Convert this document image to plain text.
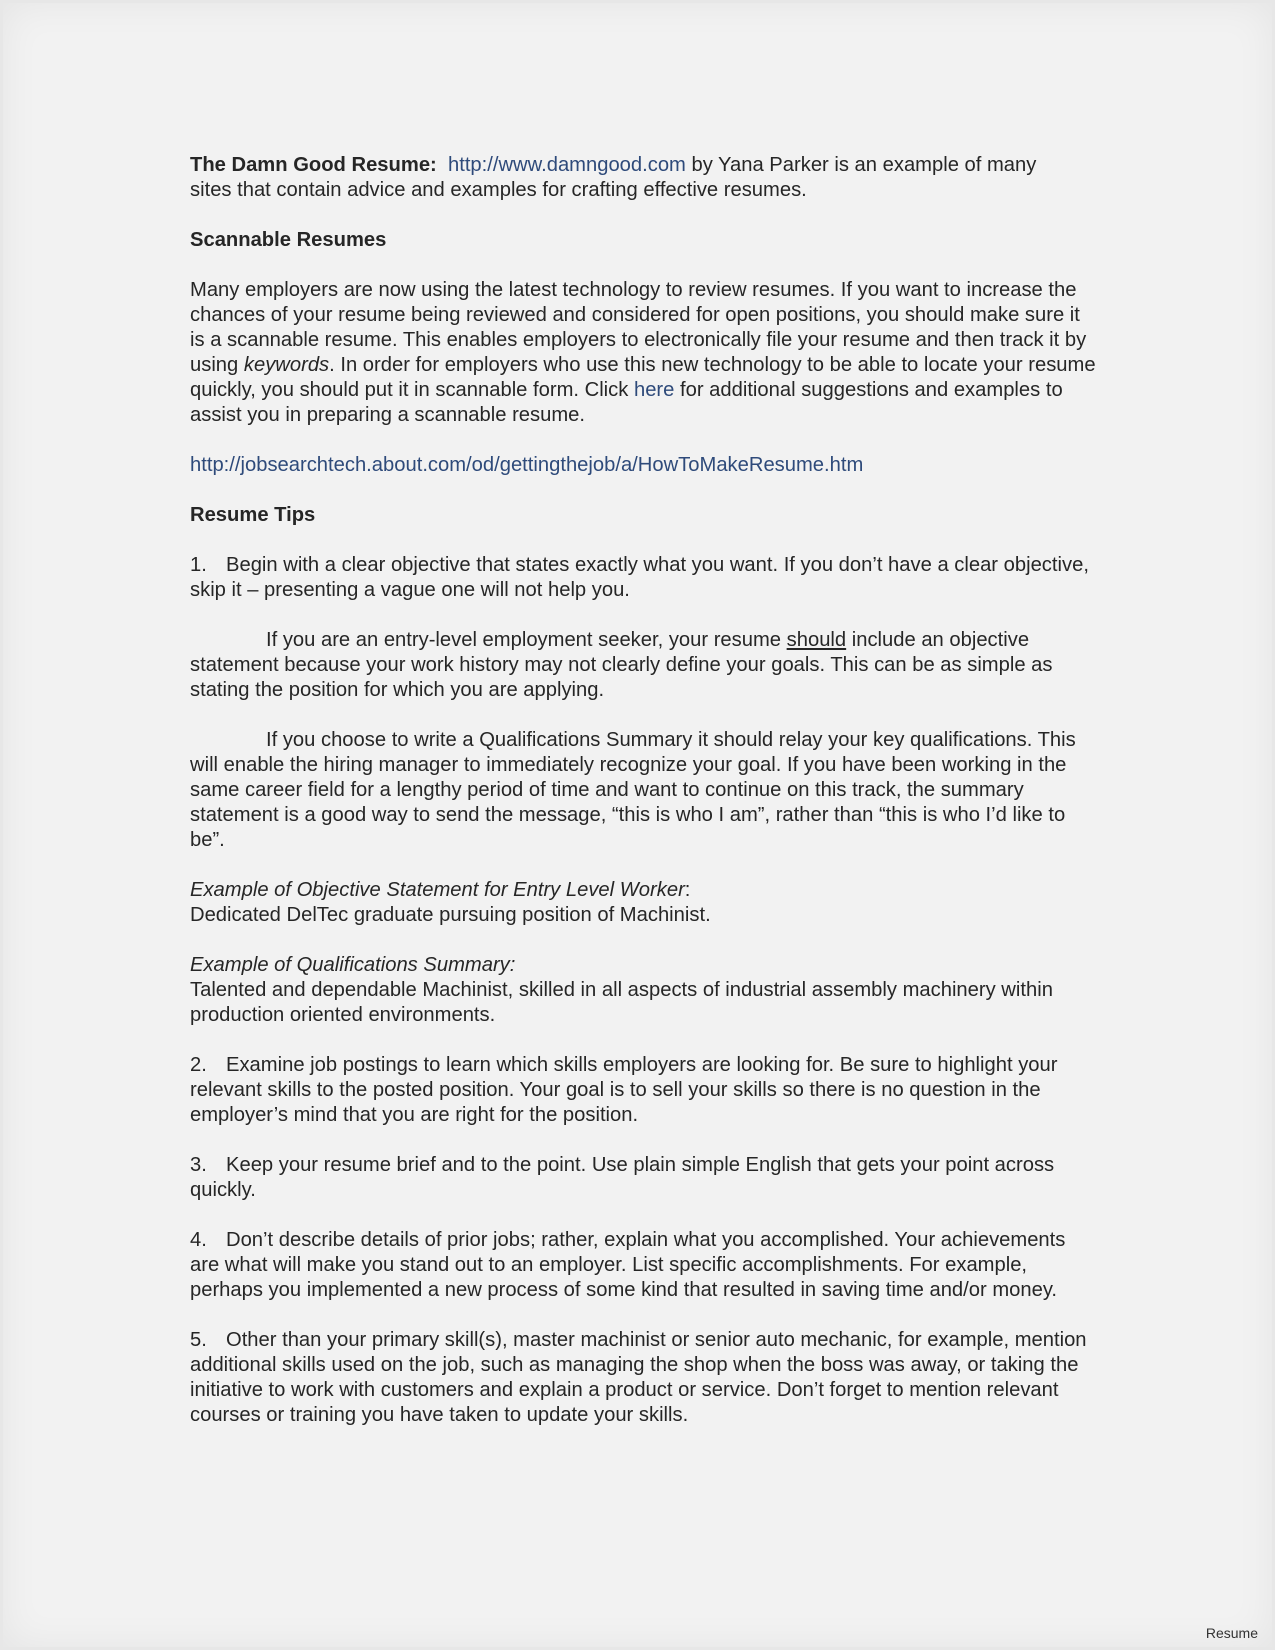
The Damn Good Resume: http://www.damngood.com by Yana Parker is an example of many
sites that contain advice and examples for crafting effective resumes.

Scannable Resumes

Many employers are now using the latest technology to review resumes. If you want to increase the chances of your resume being reviewed and considered for open positions, you should make sure it is a scannable resume. This enables employers to electronically file your resume and then track it by using keywords. In order for employers who use this new technology to be able to locate your resume quickly, you should put it in scannable form. Click here for additional suggestions and examples to assist you in preparing a scannable resume.

http://jobsearchtech.about.com/od/gettingthejob/a/HowToMakeResume.htm

Resume Tips

1. Begin with a clear objective that states exactly what you want. If you don’t have a clear objective, skip it – presenting a vague one will not help you.

If you are an entry-level employment seeker, your resume should include an objective statement because your work history may not clearly define your goals. This can be as simple as stating the position for which you are applying.

If you choose to write a Qualifications Summary it should relay your key qualifications. This will enable the hiring manager to immediately recognize your goal. If you have been working in the same career field for a lengthy period of time and want to continue on this track, the summary statement is a good way to send the message, “this is who I am”, rather than “this is who I’d like to be”.

Example of Objective Statement for Entry Level Worker:
Dedicated DelTec graduate pursuing position of Machinist.

Example of Qualifications Summary:
Talented and dependable Machinist, skilled in all aspects of industrial assembly machinery within production oriented environments.

2. Examine job postings to learn which skills employers are looking for. Be sure to highlight your relevant skills to the posted position. Your goal is to sell your skills so there is no question in the employer’s mind that you are right for the position.

3. Keep your resume brief and to the point. Use plain simple English that gets your point across quickly.

4. Don’t describe details of prior jobs; rather, explain what you accomplished. Your achievements are what will make you stand out to an employer. List specific accomplishments. For example, perhaps you implemented a new process of some kind that resulted in saving time and/or money.

5. Other than your primary skill(s), master machinist or senior auto mechanic, for example, mention additional skills used on the job, such as managing the shop when the boss was away, or taking the initiative to work with customers and explain a product or service. Don’t forget to mention relevant courses or training you have taken to update your skills.

Resume
